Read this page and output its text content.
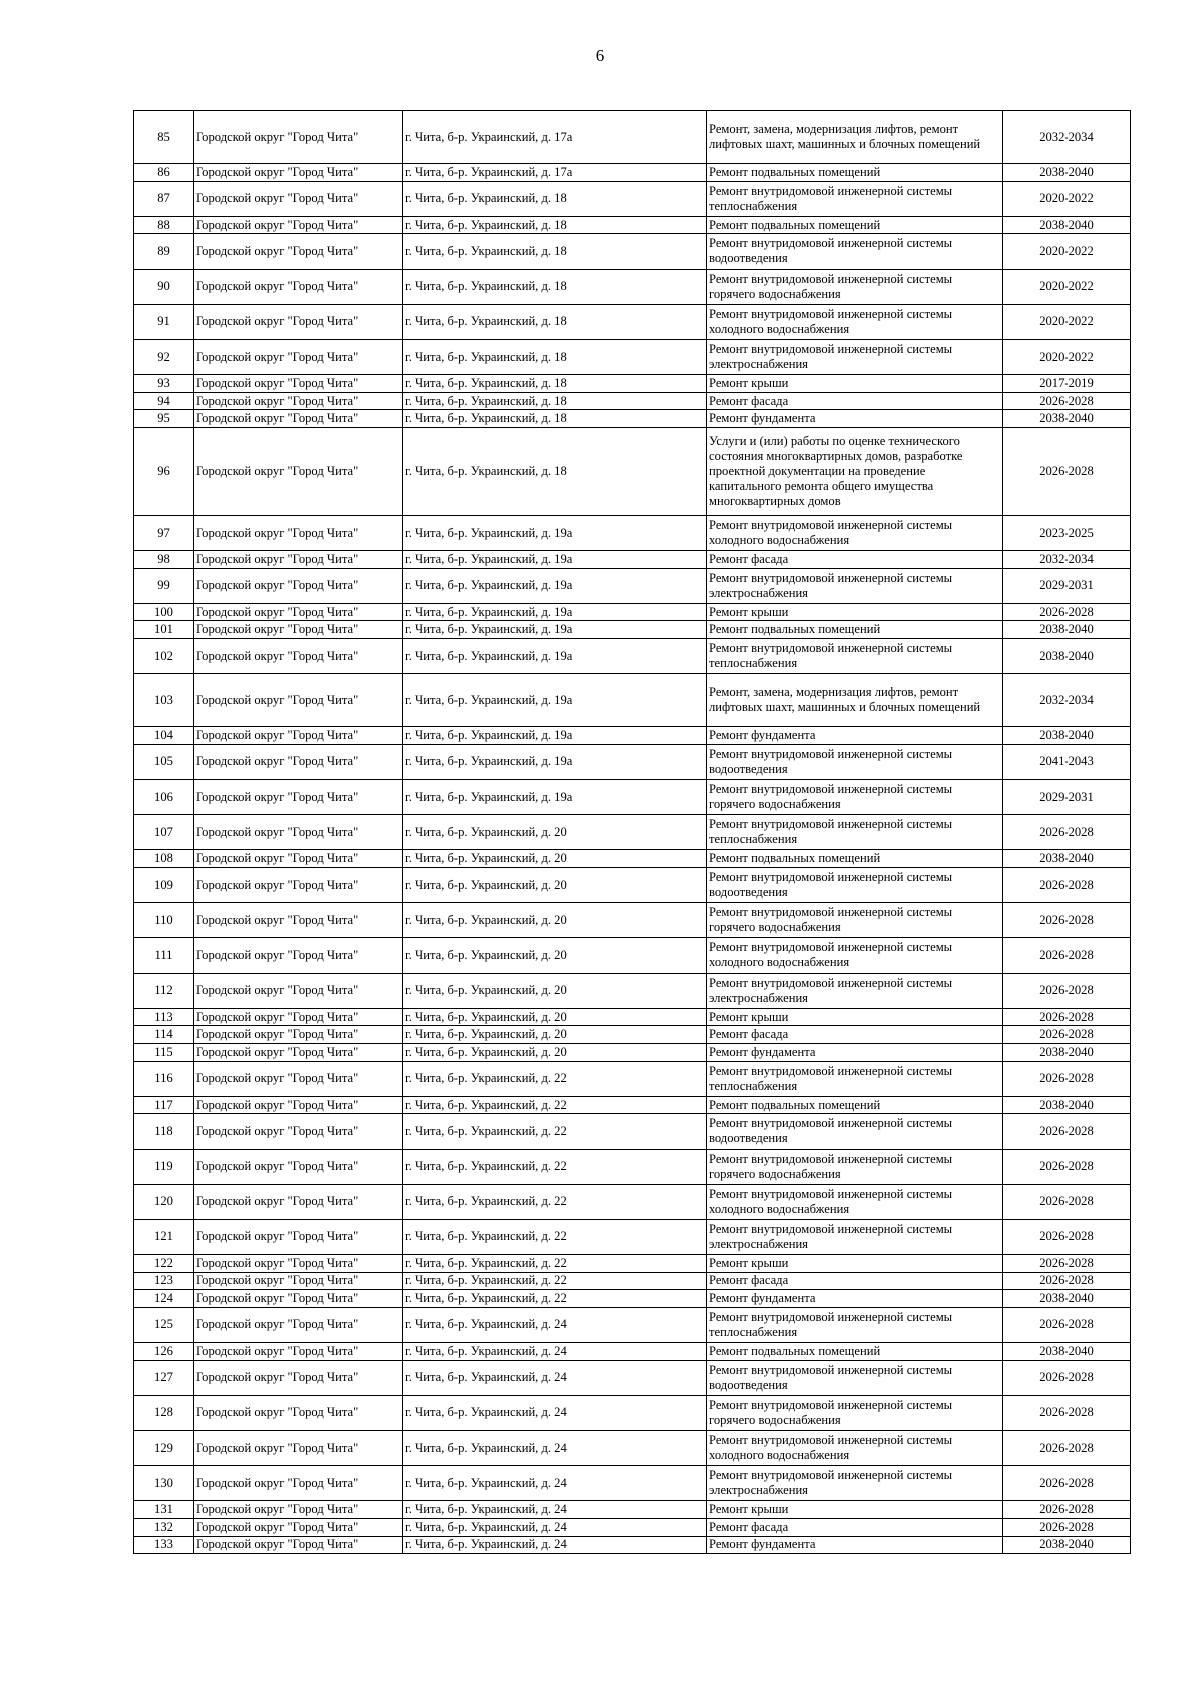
6
85	Городской округ "Город Чита"	г. Чита, б-р. Украинский, д. 17а	Ремонт, замена, модернизация лифтов, ремонт лифтовых шахт, машинных и блочных помещений	2032-2034
86	Городской округ "Город Чита"	г. Чита, б-р. Украинский, д. 17а	Ремонт подвальных помещений	2038-2040
87	Городской округ "Город Чита"	г. Чита, б-р. Украинский, д. 18	Ремонт внутридомовой инженерной системы теплоснабжения	2020-2022
88	Городской округ "Город Чита"	г. Чита, б-р. Украинский, д. 18	Ремонт подвальных помещений	2038-2040
89	Городской округ "Город Чита"	г. Чита, б-р. Украинский, д. 18	Ремонт внутридомовой инженерной системы водоотведения	2020-2022
90	Городской округ "Город Чита"	г. Чита, б-р. Украинский, д. 18	Ремонт внутридомовой инженерной системы горячего водоснабжения	2020-2022
91	Городской округ "Город Чита"	г. Чита, б-р. Украинский, д. 18	Ремонт внутридомовой инженерной системы холодного водоснабжения	2020-2022
92	Городской округ "Город Чита"	г. Чита, б-р. Украинский, д. 18	Ремонт внутридомовой инженерной системы электроснабжения	2020-2022
93	Городской округ "Город Чита"	г. Чита, б-р. Украинский, д. 18	Ремонт крыши	2017-2019
94	Городской округ "Город Чита"	г. Чита, б-р. Украинский, д. 18	Ремонт фасада	2026-2028
95	Городской округ "Город Чита"	г. Чита, б-р. Украинский, д. 18	Ремонт фундамента	2038-2040
96	Городской округ "Город Чита"	г. Чита, б-р. Украинский, д. 18	Услуги и (или) работы по оценке технического состояния многоквартирных домов, разработке проектной документации на проведение капитального ремонта общего имущества многоквартирных домов	2026-2028
97	Городской округ "Город Чита"	г. Чита, б-р. Украинский, д. 19а	Ремонт внутридомовой инженерной системы холодного водоснабжения	2023-2025
98	Городской округ "Город Чита"	г. Чита, б-р. Украинский, д. 19а	Ремонт фасада	2032-2034
99	Городской округ "Город Чита"	г. Чита, б-р. Украинский, д. 19а	Ремонт внутридомовой инженерной системы электроснабжения	2029-2031
100	Городской округ "Город Чита"	г. Чита, б-р. Украинский, д. 19а	Ремонт крыши	2026-2028
101	Городской округ "Город Чита"	г. Чита, б-р. Украинский, д. 19а	Ремонт подвальных помещений	2038-2040
102	Городской округ "Город Чита"	г. Чита, б-р. Украинский, д. 19а	Ремонт внутридомовой инженерной системы теплоснабжения	2038-2040
103	Городской округ "Город Чита"	г. Чита, б-р. Украинский, д. 19а	Ремонт, замена, модернизация лифтов, ремонт лифтовых шахт, машинных и блочных помещений	2032-2034
104	Городской округ "Город Чита"	г. Чита, б-р. Украинский, д. 19а	Ремонт фундамента	2038-2040
105	Городской округ "Город Чита"	г. Чита, б-р. Украинский, д. 19а	Ремонт внутридомовой инженерной системы водоотведения	2041-2043
106	Городской округ "Город Чита"	г. Чита, б-р. Украинский, д. 19а	Ремонт внутридомовой инженерной системы горячего водоснабжения	2029-2031
107	Городской округ "Город Чита"	г. Чита, б-р. Украинский, д. 20	Ремонт внутридомовой инженерной системы теплоснабжения	2026-2028
108	Городской округ "Город Чита"	г. Чита, б-р. Украинский, д. 20	Ремонт подвальных помещений	2038-2040
109	Городской округ "Город Чита"	г. Чита, б-р. Украинский, д. 20	Ремонт внутридомовой инженерной системы водоотведения	2026-2028
110	Городской округ "Город Чита"	г. Чита, б-р. Украинский, д. 20	Ремонт внутридомовой инженерной системы горячего водоснабжения	2026-2028
111	Городской округ "Город Чита"	г. Чита, б-р. Украинский, д. 20	Ремонт внутридомовой инженерной системы холодного водоснабжения	2026-2028
112	Городской округ "Город Чита"	г. Чита, б-р. Украинский, д. 20	Ремонт внутридомовой инженерной системы электроснабжения	2026-2028
113	Городской округ "Город Чита"	г. Чита, б-р. Украинский, д. 20	Ремонт крыши	2026-2028
114	Городской округ "Город Чита"	г. Чита, б-р. Украинский, д. 20	Ремонт фасада	2026-2028
115	Городской округ "Город Чита"	г. Чита, б-р. Украинский, д. 20	Ремонт фундамента	2038-2040
116	Городской округ "Город Чита"	г. Чита, б-р. Украинский, д. 22	Ремонт внутридомовой инженерной системы теплоснабжения	2026-2028
117	Городской округ "Город Чита"	г. Чита, б-р. Украинский, д. 22	Ремонт подвальных помещений	2038-2040
118	Городской округ "Город Чита"	г. Чита, б-р. Украинский, д. 22	Ремонт внутридомовой инженерной системы водоотведения	2026-2028
119	Городской округ "Город Чита"	г. Чита, б-р. Украинский, д. 22	Ремонт внутридомовой инженерной системы горячего водоснабжения	2026-2028
120	Городской округ "Город Чита"	г. Чита, б-р. Украинский, д. 22	Ремонт внутридомовой инженерной системы холодного водоснабжения	2026-2028
121	Городской округ "Город Чита"	г. Чита, б-р. Украинский, д. 22	Ремонт внутридомовой инженерной системы электроснабжения	2026-2028
122	Городской округ "Город Чита"	г. Чита, б-р. Украинский, д. 22	Ремонт крыши	2026-2028
123	Городской округ "Город Чита"	г. Чита, б-р. Украинский, д. 22	Ремонт фасада	2026-2028
124	Городской округ "Город Чита"	г. Чита, б-р. Украинский, д. 22	Ремонт фундамента	2038-2040
125	Городской округ "Город Чита"	г. Чита, б-р. Украинский, д. 24	Ремонт внутридомовой инженерной системы теплоснабжения	2026-2028
126	Городской округ "Город Чита"	г. Чита, б-р. Украинский, д. 24	Ремонт подвальных помещений	2038-2040
127	Городской округ "Город Чита"	г. Чита, б-р. Украинский, д. 24	Ремонт внутридомовой инженерной системы водоотведения	2026-2028
128	Городской округ "Город Чита"	г. Чита, б-р. Украинский, д. 24	Ремонт внутридомовой инженерной системы горячего водоснабжения	2026-2028
129	Городской округ "Город Чита"	г. Чита, б-р. Украинский, д. 24	Ремонт внутридомовой инженерной системы холодного водоснабжения	2026-2028
130	Городской округ "Город Чита"	г. Чита, б-р. Украинский, д. 24	Ремонт внутридомовой инженерной системы электроснабжения	2026-2028
131	Городской округ "Город Чита"	г. Чита, б-р. Украинский, д. 24	Ремонт крыши	2026-2028
132	Городской округ "Город Чита"	г. Чита, б-р. Украинский, д. 24	Ремонт фасада	2026-2028
133	Городской округ "Город Чита"	г. Чита, б-р. Украинский, д. 24	Ремонт фундамента	2038-2040
